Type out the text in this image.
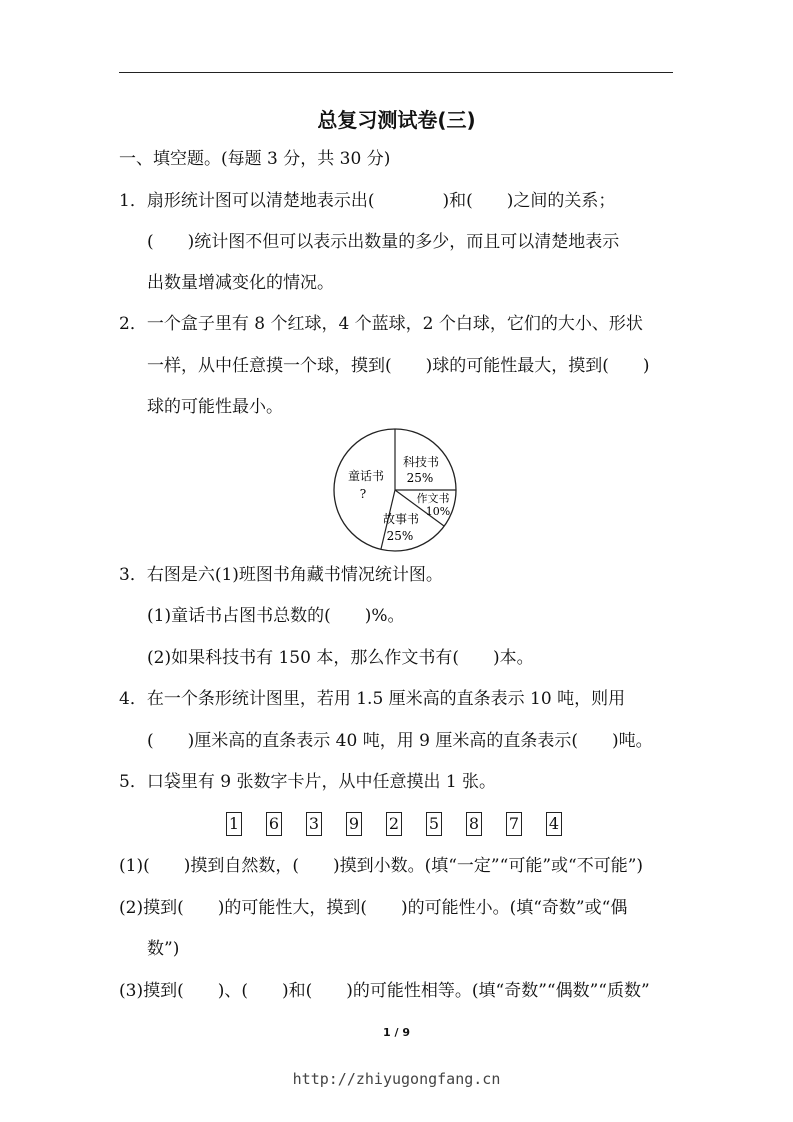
总复习测试卷(三)
一、填空题。(每题 3 分，共 30 分)
1．扇形统计图可以清楚地表示出(　　　　)和(　　)之间的关系；
(　　)统计图不但可以表示出数量的多少，而且可以清楚地表示
出数量增减变化的情况。
2．一个盒子里有 8 个红球，4 个蓝球，2 个白球，它们的大小、形状
一样，从中任意摸一个球，摸到(　　)球的可能性最大，摸到(　　)
球的可能性最小。
童话书
?
科技书
25%
作文书
10%
故事书
25%
3．右图是六(1)班图书角藏书情况统计图。
(1)童话书占图书总数的(　　)%。
(2)如果科技书有 150 本，那么作文书有(　　)本。
4．在一个条形统计图里，若用 1.5 厘米高的直条表示 10 吨，则用
(　　)厘米高的直条表示 40 吨，用 9 厘米高的直条表示(　　)吨。
5．口袋里有 9 张数字卡片，从中任意摸出 1 张。
1 6 3 9 2 5 8 7 4
(1)(　　)摸到自然数，(　　)摸到小数。(填“一定”“可能”或“不可能”)
(2)摸到(　　)的可能性大，摸到(　　)的可能性小。(填“奇数”或“偶
数”)
(3)摸到(　　)、(　　)和(　　)的可能性相等。(填“奇数”“偶数”“质数”
1 / 9
http://zhiyugongfang.cn
